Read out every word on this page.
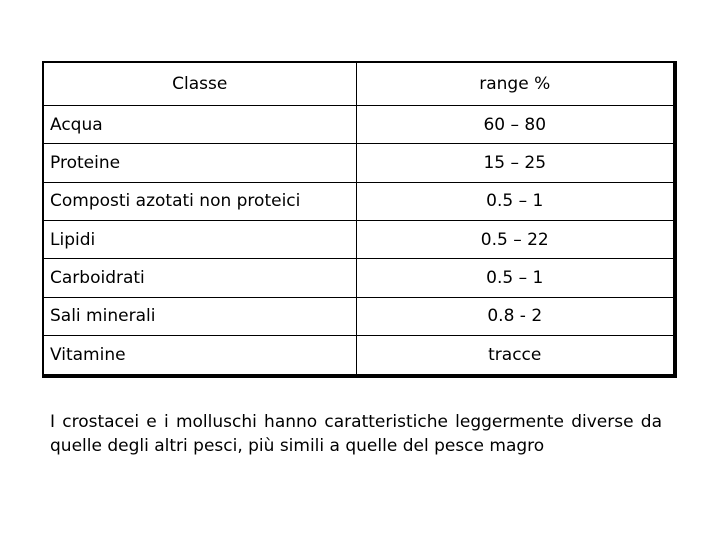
Classe	range %
Acqua	60 – 80
Proteine	15 – 25
Composti azotati non proteici	0.5 – 1
Lipidi	0.5 – 22
Carboidrati	0.5 – 1
Sali minerali	0.8 - 2
Vitamine	tracce

I crostacei e i molluschi hanno caratteristiche leggermente diverse da quelle degli altri pesci, più simili a quelle del pesce magro
